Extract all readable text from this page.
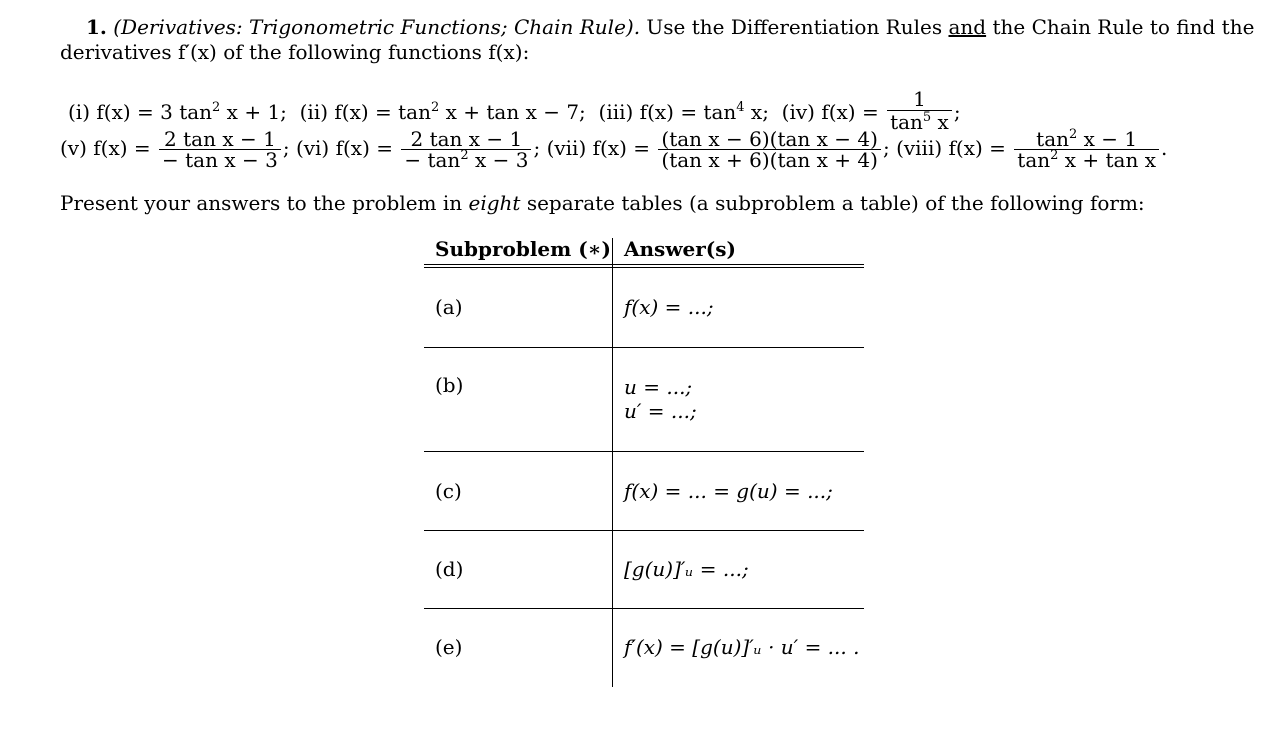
1. (Derivatives: Trigonometric Functions; Chain Rule). Use the Differentiation Rules and the Chain Rule to find the
derivatives f′(x) of the following functions f(x):
(i) f(x) = 3 $\tan^2 x + 1$; (ii) $f(x) = \tan^2 x + \tan x - 7$; (iii) $f(x) = \tan^4 x$; (iv) $f(x) = \frac{1}{\tan^5 x}$ ;
(v) $f(x) = \frac{\text{2 tan x − 1}}{\text{− tan x − 3}}$ ; (vi) $f(x) = \frac{\text{2 tan x − 1}}{- \tan^2 x - 3}$ ; (vii) $f(x) = \frac{\text{(tan x − 6)(tan x − 4)}}{\text{(tan x + 6)(tan x + 4)}}$ ; (viii) $f(x) = \frac{\tan^2 x - 1}{\tan^2 x + \tan x}$ .
Present your answers to the problem in eight separate tables (a subproblem a table) of the following form:
Subproblem (∗) Answer(s)
(a)	f(x) = ...;
(b)	u = ...;
u′ = ...;
(c)	f(x) = ... = g(u) = ...;
(d)	[g(u)]′ᵤ = ...;
(e)	f′(x) = [g(u)]′ᵤ · u′ = ... .
